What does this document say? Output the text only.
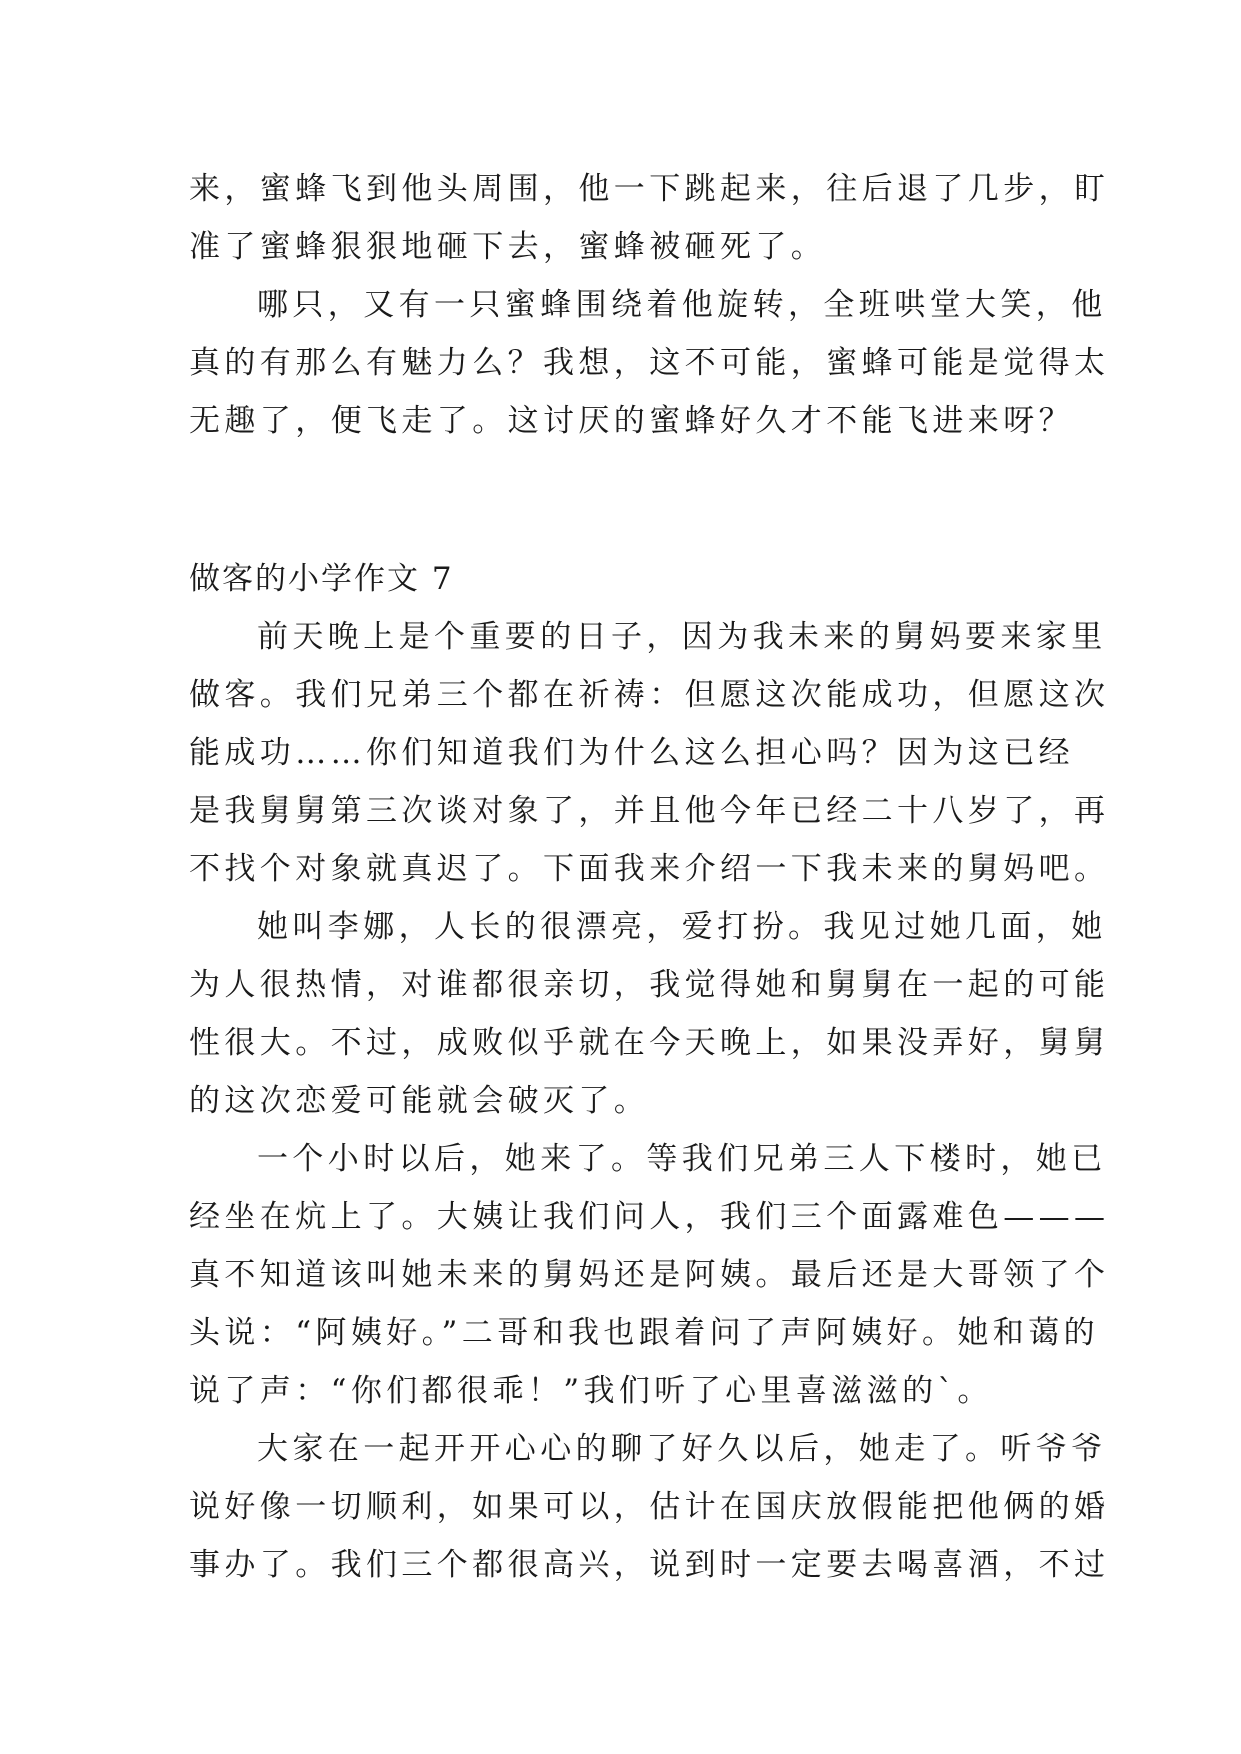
来，蜜蜂飞到他头周围，他一下跳起来，往后退了几步，盯
准了蜜蜂狠狠地砸下去，蜜蜂被砸死了。
哪只，又有一只蜜蜂围绕着他旋转，全班哄堂大笑，他
真的有那么有魅力么？我想，这不可能，蜜蜂可能是觉得太
无趣了，便飞走了。这讨厌的蜜蜂好久才不能飞进来呀？
做客的小学作文 7
前天晚上是个重要的日子，因为我未来的舅妈要来家里
做客。我们兄弟三个都在祈祷：但愿这次能成功，但愿这次
能成功……你们知道我们为什么这么担心吗？因为这已经
是我舅舅第三次谈对象了，并且他今年已经二十八岁了，再
不找个对象就真迟了。下面我来介绍一下我未来的舅妈吧。
她叫李娜，人长的很漂亮，爱打扮。我见过她几面，她
为人很热情，对谁都很亲切，我觉得她和舅舅在一起的可能
性很大。不过，成败似乎就在今天晚上，如果没弄好，舅舅
的这次恋爱可能就会破灭了。
一个小时以后，她来了。等我们兄弟三人下楼时，她已
经坐在炕上了。大姨让我们问人，我们三个面露难色———
真不知道该叫她未来的舅妈还是阿姨。最后还是大哥领了个
头说：“阿姨好。”二哥和我也跟着问了声阿姨好。她和蔼的
说了声：“你们都很乖！”我们听了心里喜滋滋的`。
大家在一起开开心心的聊了好久以后，她走了。听爷爷
说好像一切顺利，如果可以，估计在国庆放假能把他俩的婚
事办了。我们三个都很高兴，说到时一定要去喝喜酒，不过
